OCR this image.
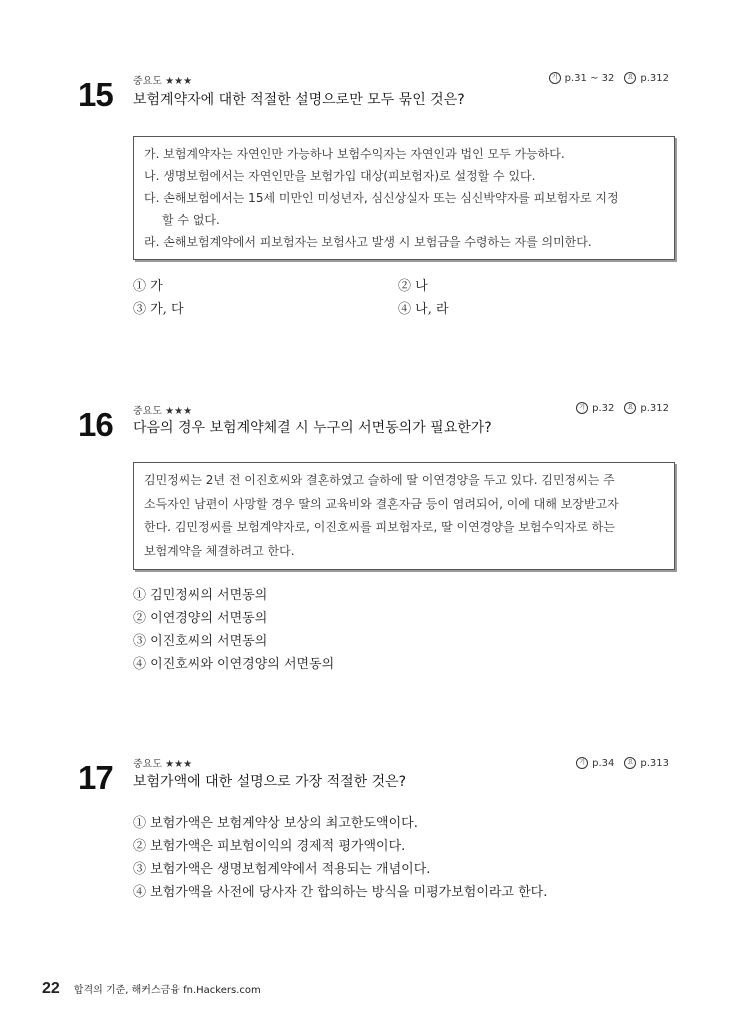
15 중요도 ★★★	기 p.31 ~ 32	요 p.312
보험계약자에 대한 적절한 설명으로만 모두 묶인 것은?
가. 보험계약자는 자연인만 가능하나 보험수익자는 자연인과 법인 모두 가능하다.
나. 생명보험에서는 자연인만을 보험가입 대상(피보험자)로 설정할 수 있다.
다. 손해보험에서는 15세 미만인 미성년자, 심신상실자 또는 심신박약자를 피보험자로 지정
할 수 없다.
라. 손해보험계약에서 피보험자는 보험사고 발생 시 보험금을 수령하는 자를 의미한다.
① 가	② 나
③ 가, 다	④ 나, 라
16 중요도 ★★★	기 p.32	요 p.312
다음의 경우 보험계약체결 시 누구의 서면동의가 필요한가?
김민정씨는 2년 전 이진호씨와 결혼하였고 슬하에 딸 이연경양을 두고 있다. 김민정씨는 주
소득자인 남편이 사망할 경우 딸의 교육비와 결혼자금 등이 염려되어, 이에 대해 보장받고자
한다. 김민정씨를 보험계약자로, 이진호씨를 피보험자로, 딸 이연경양을 보험수익자로 하는
보험계약을 체결하려고 한다.
① 김민정씨의 서면동의
② 이연경양의 서면동의
③ 이진호씨의 서면동의
④ 이진호씨와 이연경양의 서면동의
17 중요도 ★★★	기 p.34	요 p.313
보험가액에 대한 설명으로 가장 적절한 것은?
① 보험가액은 보험계약상 보상의 최고한도액이다.
② 보험가액은 피보험이익의 경제적 평가액이다.
③ 보험가액은 생명보험계약에서 적용되는 개념이다.
④ 보험가액을 사전에 당사자 간 합의하는 방식을 미평가보험이라고 한다.
22 합격의 기준, 해커스금융 fn.Hackers.com
